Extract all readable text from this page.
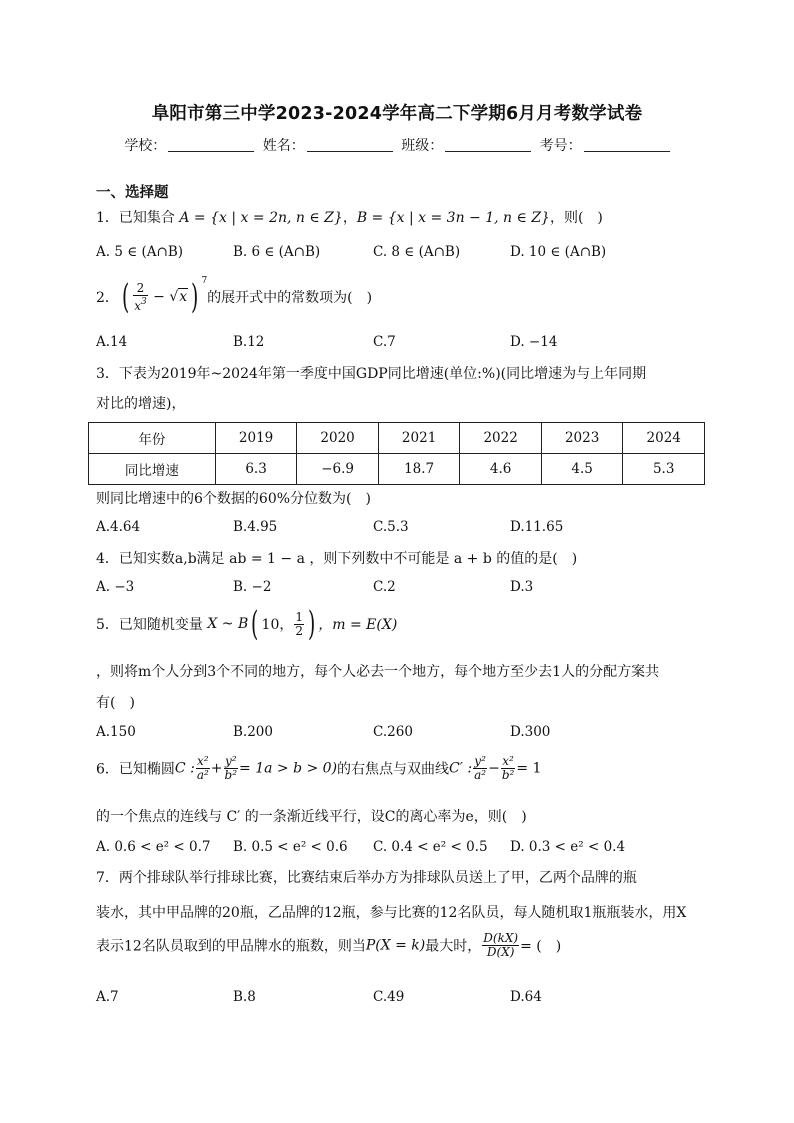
阜阳市第三中学2023-2024学年高二下学期6月月考数学试卷
学校：	姓名：	班级：	考号：
一、选择题
1．已知集合 A = {x | x = 2n, n ∈ Z}，B = {x | x = 3n − 1, n ∈ Z}，则(　)
A. 5 ∈ (A∩B)	B. 6 ∈ (A∩B)	C. 8 ∈ (A∩B)	D. 10 ∈ (A∩B)
2．( $\frac{2}{x^3} - √x$ ) $^7$的展开式中的常数项为(　)
A.14	B.12	C.7	D. −14
3．下表为2019年~2024年第一季度中国GDP同比增速(单位:%)(同比增速为与上年同期
对比的增速)，
年份	2019	2020	2021	2022	2023	2024
同比增速	6.3	−6.9	18.7	4.6	4.5	5.3
则同比增速中的6个数据的60%分位数为(　)
A.4.64	B.4.95	C.5.3	D.11.65
4．已知实数a,b满足 ab = 1 − a ，则下列数中不可能是 a + b 的值的是(　)
A. −3	B. −2	C.2	D.3
5．已知随机变量 X ~ B( 10， $\frac{1}{2}$ ) ，m = E(X)
，则将m个人分到3个不同的地方，每个人必去一个地方，每个地方至少去1人的分配方案共
有(　)
A.150	B.200	C.260	D.300
6．已知椭圆C : $\frac{\text{x²}}{\text{a²}} + \frac{\text{y²}}{\text{b²}} = 1a > b > 0$)的右焦点与双曲线C′ : $\frac{\text{y²}}{\text{a²}} - \frac{\text{x²}}{\text{b²}} = 1$
的一个焦点的连线与 C′ 的一条渐近线平行，设C的离心率为e，则(　)
A. 0.6 < e² < 0.7 B. 0.5 < e² < 0.6 C. 0.4 < e² < 0.5 D. 0.3 < e² < 0.4
7．两个排球队举行排球比赛，比赛结束后举办方为排球队员送上了甲，乙两个品牌的瓶
装水，其中甲品牌的20瓶，乙品牌的12瓶，参与比赛的12名队员，每人随机取1瓶瓶装水，用X
表示12名队员取到的甲品牌水的瓶数，则当P(X = k)最大时， $\frac{D(kX)}{D(X)}$ = (　)
A.7	B.8	C.49	D.64
